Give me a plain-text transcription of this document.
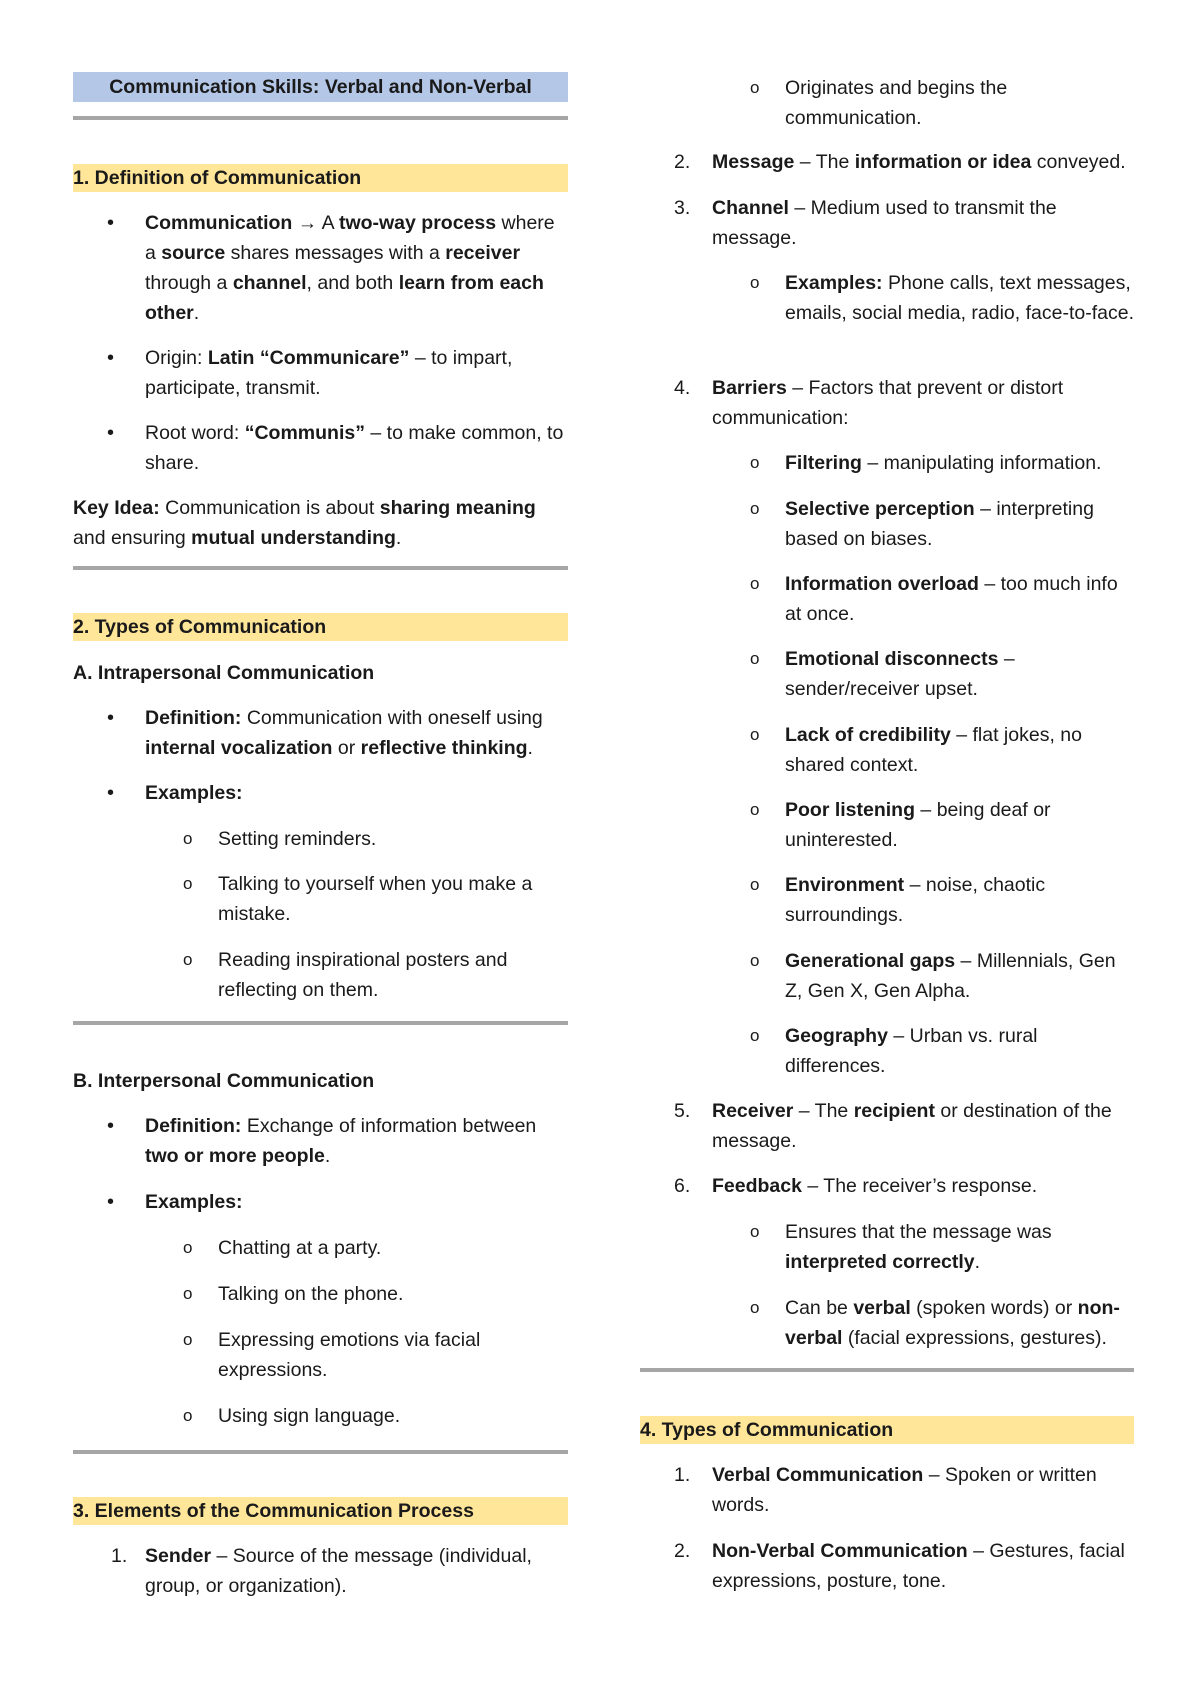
Communication Skills: Verbal and Non-Verbal
1. Definition of Communication
•	Communication → A two-way process where a source shares messages with a receiver through a channel, and both learn from each other.
•	Origin: Latin “Communicare” – to impart, participate, transmit.
•	Root word: “Communis” – to make common, to share.
Key Idea: Communication is about sharing meaning and ensuring mutual understanding.
2. Types of Communication
A. Intrapersonal Communication
•	Definition: Communication with oneself using internal vocalization or reflective thinking.
•	Examples:
o	Setting reminders.
o	Talking to yourself when you make a mistake.
o	Reading inspirational posters and reflecting on them.
B. Interpersonal Communication
•	Definition: Exchange of information between two or more people.
•	Examples:
o	Chatting at a party.
o	Talking on the phone.
o	Expressing emotions via facial expressions.
o	Using sign language.
3. Elements of the Communication Process
1. Sender – Source of the message (individual, group, or organization).
o	Originates and begins the communication.
2.	Message – The information or idea conveyed.
3.	Channel – Medium used to transmit the message.
o	Examples: Phone calls, text messages, emails, social media, radio, face-to-face.
4.	Barriers – Factors that prevent or distort communication:
o	Filtering – manipulating information.
o	Selective perception – interpreting based on biases.
o	Information overload – too much info at once.
o	Emotional disconnects – sender/receiver upset.
o	Lack of credibility – flat jokes, no shared context.
o	Poor listening – being deaf or uninterested.
o	Environment – noise, chaotic surroundings.
o	Generational gaps – Millennials, Gen Z, Gen X, Gen Alpha.
o	Geography – Urban vs. rural differences.
5.	Receiver – The recipient or destination of the message.
6.	Feedback – The receiver’s response.
o	Ensures that the message was interpreted correctly.
o	Can be verbal (spoken words) or non-verbal (facial expressions, gestures).
4. Types of Communication
1.	Verbal Communication – Spoken or written words.
2.	Non-Verbal Communication – Gestures, facial expressions, posture, tone.
